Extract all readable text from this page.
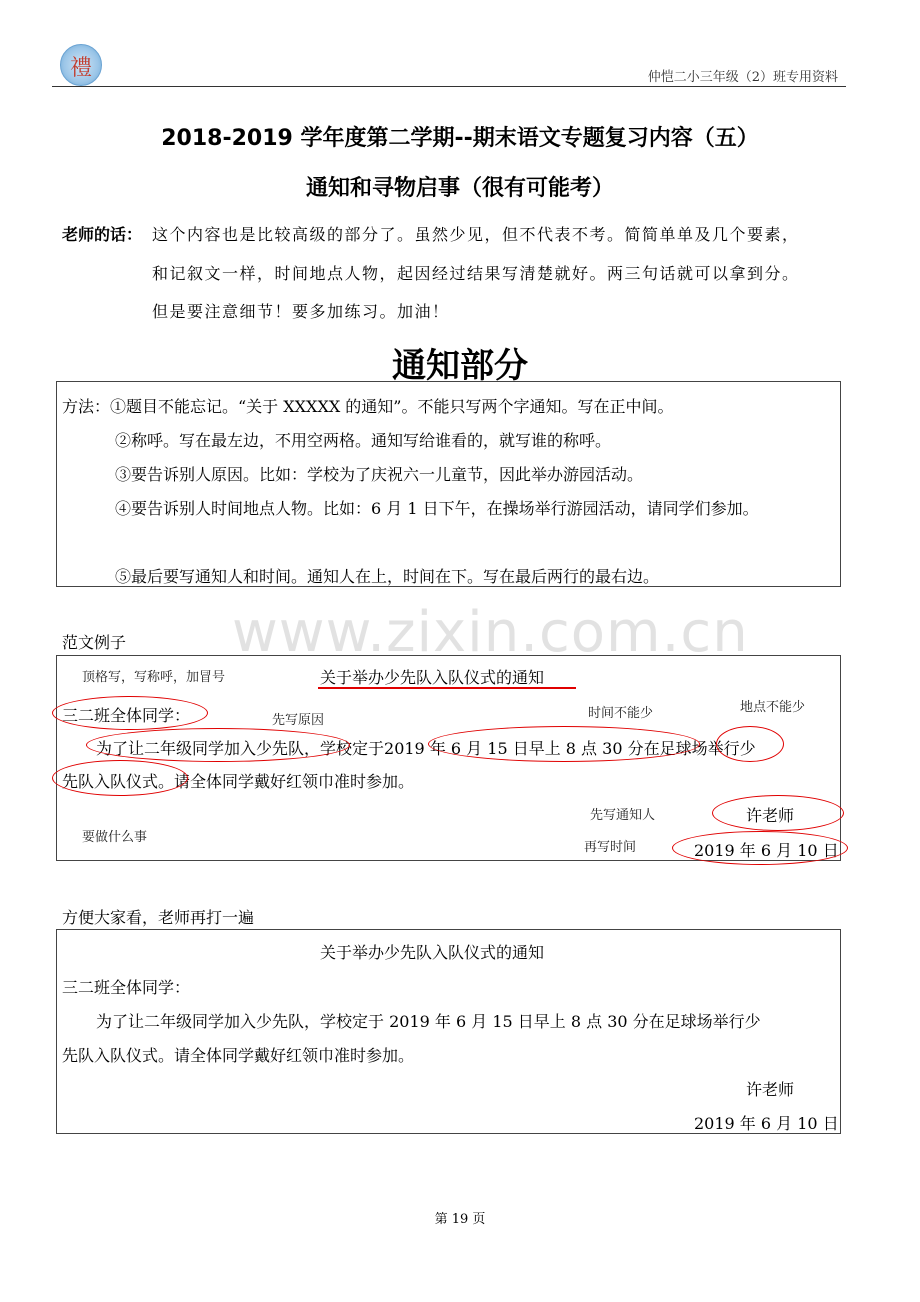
禮	仲恺二小三年级（2）班专用资料
2018-2019 学年度第二学期--期末语文专题复习内容（五）
通知和寻物启事（很有可能考）
老师的话： 这个内容也是比较高级的部分了。虽然少见，但不代表不考。简简单单及几个要素，
和记叙文一样，时间地点人物，起因经过结果写清楚就好。两三句话就可以拿到分。
但是要注意细节！要多加练习。加油！
通知部分
方法：①题目不能忘记。“关于 XXXXX 的通知”。不能只写两个字通知。写在正中间。
②称呼。写在最左边，不用空两格。通知写给谁看的，就写谁的称呼。
③要告诉别人原因。比如：学校为了庆祝六一儿童节，因此举办游园活动。
④要告诉别人时间地点人物。比如：6 月 1 日下午，在操场举行游园活动，请同学们参加。
⑤最后要写通知人和时间。通知人在上，时间在下。写在最后两行的最右边。
www.zixin.com.cn
范文例子
关于举办少先队入队仪式的通知
顶格写，写称呼，加冒号
先写原因	时间不能少	地点不能少
要做什么事
先写通知人
再写时间
三二班全体同学：
为了让二年级同学加入少先队，学校定于2019 年 6 月 15 日早上 8 点 30 分在足球场举行少
先队入队仪式。请全体同学戴好红领巾准时参加。
许老师
2019 年 6 月 10 日
方便大家看，老师再打一遍
关于举办少先队入队仪式的通知
三二班全体同学：
为了让二年级同学加入少先队，学校定于 2019 年 6 月 15 日早上 8 点 30 分在足球场举行少
先队入队仪式。请全体同学戴好红领巾准时参加。
许老师
2019 年 6 月 10 日
第 19 页
